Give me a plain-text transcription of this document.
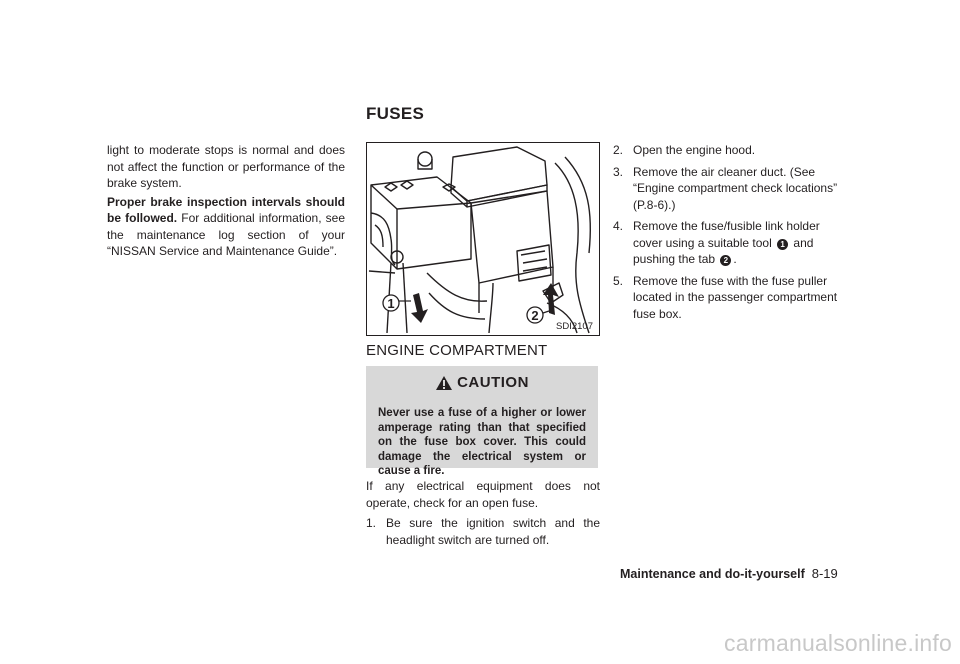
FUSES

light to moderate stops is normal and does not affect the function or performance of the brake system.

Proper brake inspection intervals should be followed. For additional information, see the maintenance log section of your “NISSAN Service and Maintenance Guide”.

1
2
SDI2107
ENGINE COMPARTMENT
CAUTION
Never use a fuse of a higher or lower amperage rating than that specified on the fuse box cover. This could damage the electrical system or cause a fire.

If any electrical equipment does not operate, check for an open fuse.

1. Be sure the ignition switch and the headlight switch are turned off.
2. Open the engine hood.
3. Remove the air cleaner duct. (See “Engine compartment check locations” (P.8-6).)
4. Remove the fuse/fusible link holder cover using a suitable tool 1 and pushing the tab 2 .
5. Remove the fuse with the fuse puller located in the passenger compartment fuse box.
Maintenance and do-it-yourself 8-19
carmanualsonline.info
